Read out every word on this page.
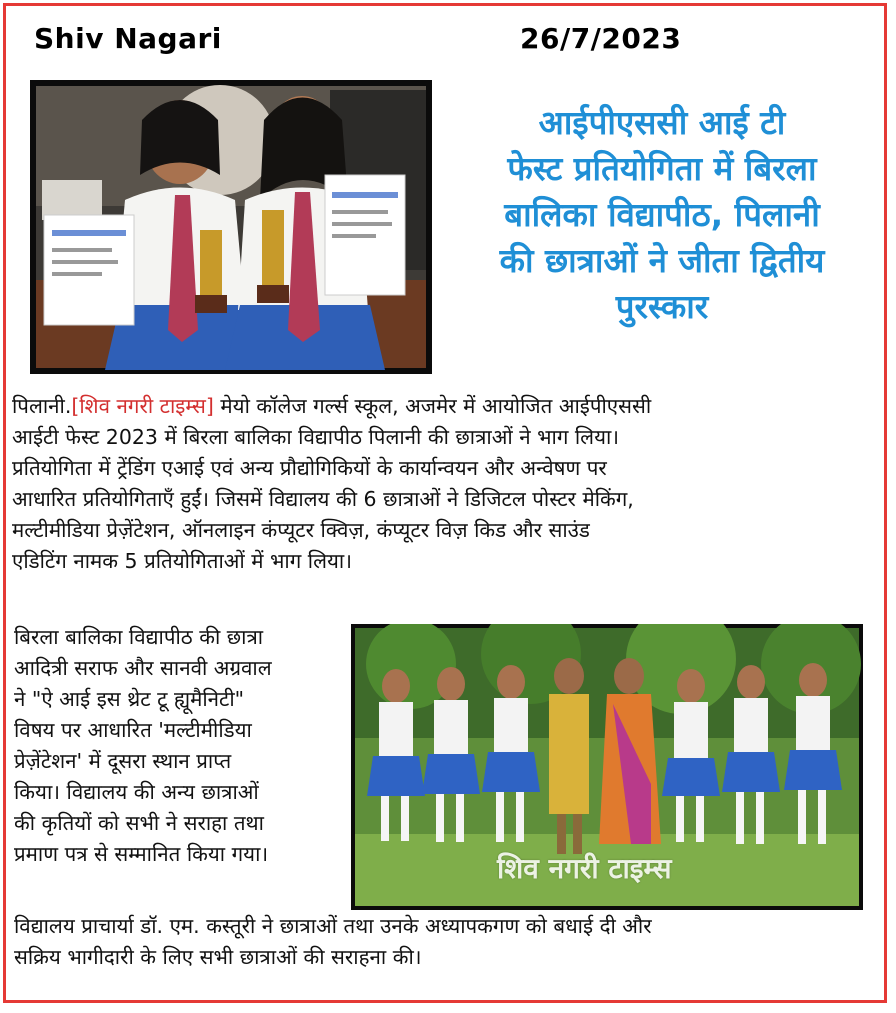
Shiv Nagari	26/7/2023
आईपीएससी आई टी
फेस्ट प्रतियोगिता में बिरला
बालिका विद्यापीठ, पिलानी
की छात्राओं ने जीता द्वितीय
पुरस्कार
पिलानी.[शिव नगरी टाइम्स] मेयो कॉलेज गर्ल्स स्कूल, अजमेर में आयोजित आईपीएससी
आईटी फेस्ट 2023 में बिरला बालिका विद्यापीठ पिलानी की छात्राओं ने भाग लिया।
प्रतियोगिता में ट्रेंडिंग एआई एवं अन्य प्रौद्योगिकियों के कार्यान्वयन और अन्वेषण पर
आधारित प्रतियोगिताएँ हुईं। जिसमें विद्यालय की 6 छात्राओं ने डिजिटल पोस्टर मेकिंग,
मल्टीमीडिया प्रेज़ेंटेशन, ऑनलाइन कंप्यूटर क्विज़, कंप्यूटर विज़ किड और साउंड
एडिटिंग नामक 5 प्रतियोगिताओं में भाग लिया।
बिरला बालिका विद्यापीठ की छात्रा
आदित्री सराफ और सानवी अग्रवाल
ने "ऐ आई इस थ्रेट टू ह्यूमैनिटी"
विषय पर आधारित 'मल्टीमीडिया
प्रेज़ेंटेशन' में दूसरा स्थान प्राप्त
किया। विद्यालय की अन्य छात्राओं
की कृतियों को सभी ने सराहा तथा
प्रमाण पत्र से सम्मानित किया गया।	शिव नगरी टाइम्स
विद्यालय प्राचार्या डॉ. एम. कस्तूरी ने छात्राओं तथा उनके अध्यापकगण को बधाई दी और
सक्रिय भागीदारी के लिए सभी छात्राओं की सराहना की।
